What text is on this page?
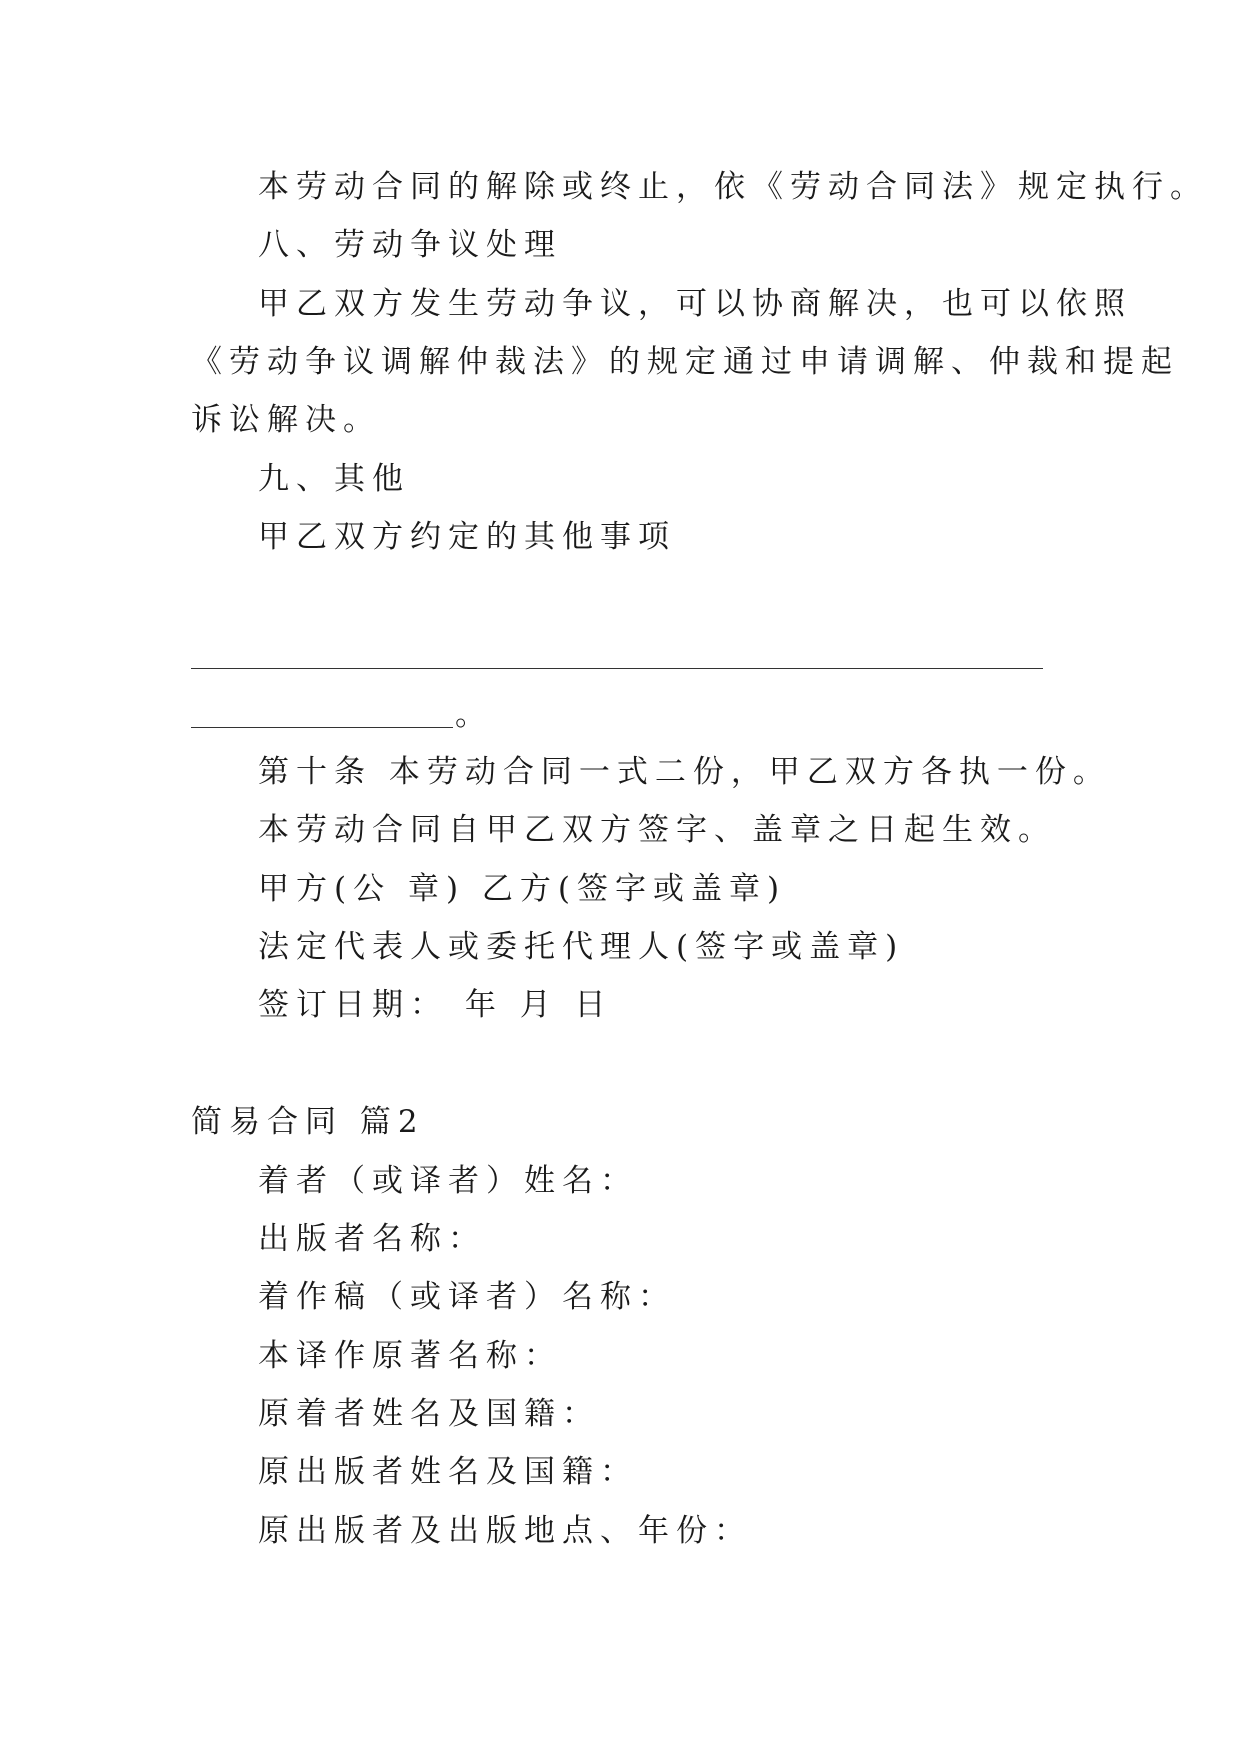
本劳动合同的解除或终止，依《劳动合同法》规定执行。
八、劳动争议处理
甲乙双方发生劳动争议，可以协商解决，也可以依照
《劳动争议调解仲裁法》的规定通过申请调解、仲裁和提起
诉讼解决。
九、其他
甲乙双方约定的其他事项
。
第十条 本劳动合同一式二份，甲乙双方各执一份。
本劳动合同自甲乙双方签字、盖章之日起生效。
甲方(公 章) 乙方(签字或盖章)
法定代表人或委托代理人(签字或盖章)
签订日期： 年 月 日
简易合同 篇2
着者（或译者）姓名：
出版者名称：
着作稿（或译者）名称：
本译作原著名称：
原着者姓名及国籍：
原出版者姓名及国籍：
原出版者及出版地点、年份：
